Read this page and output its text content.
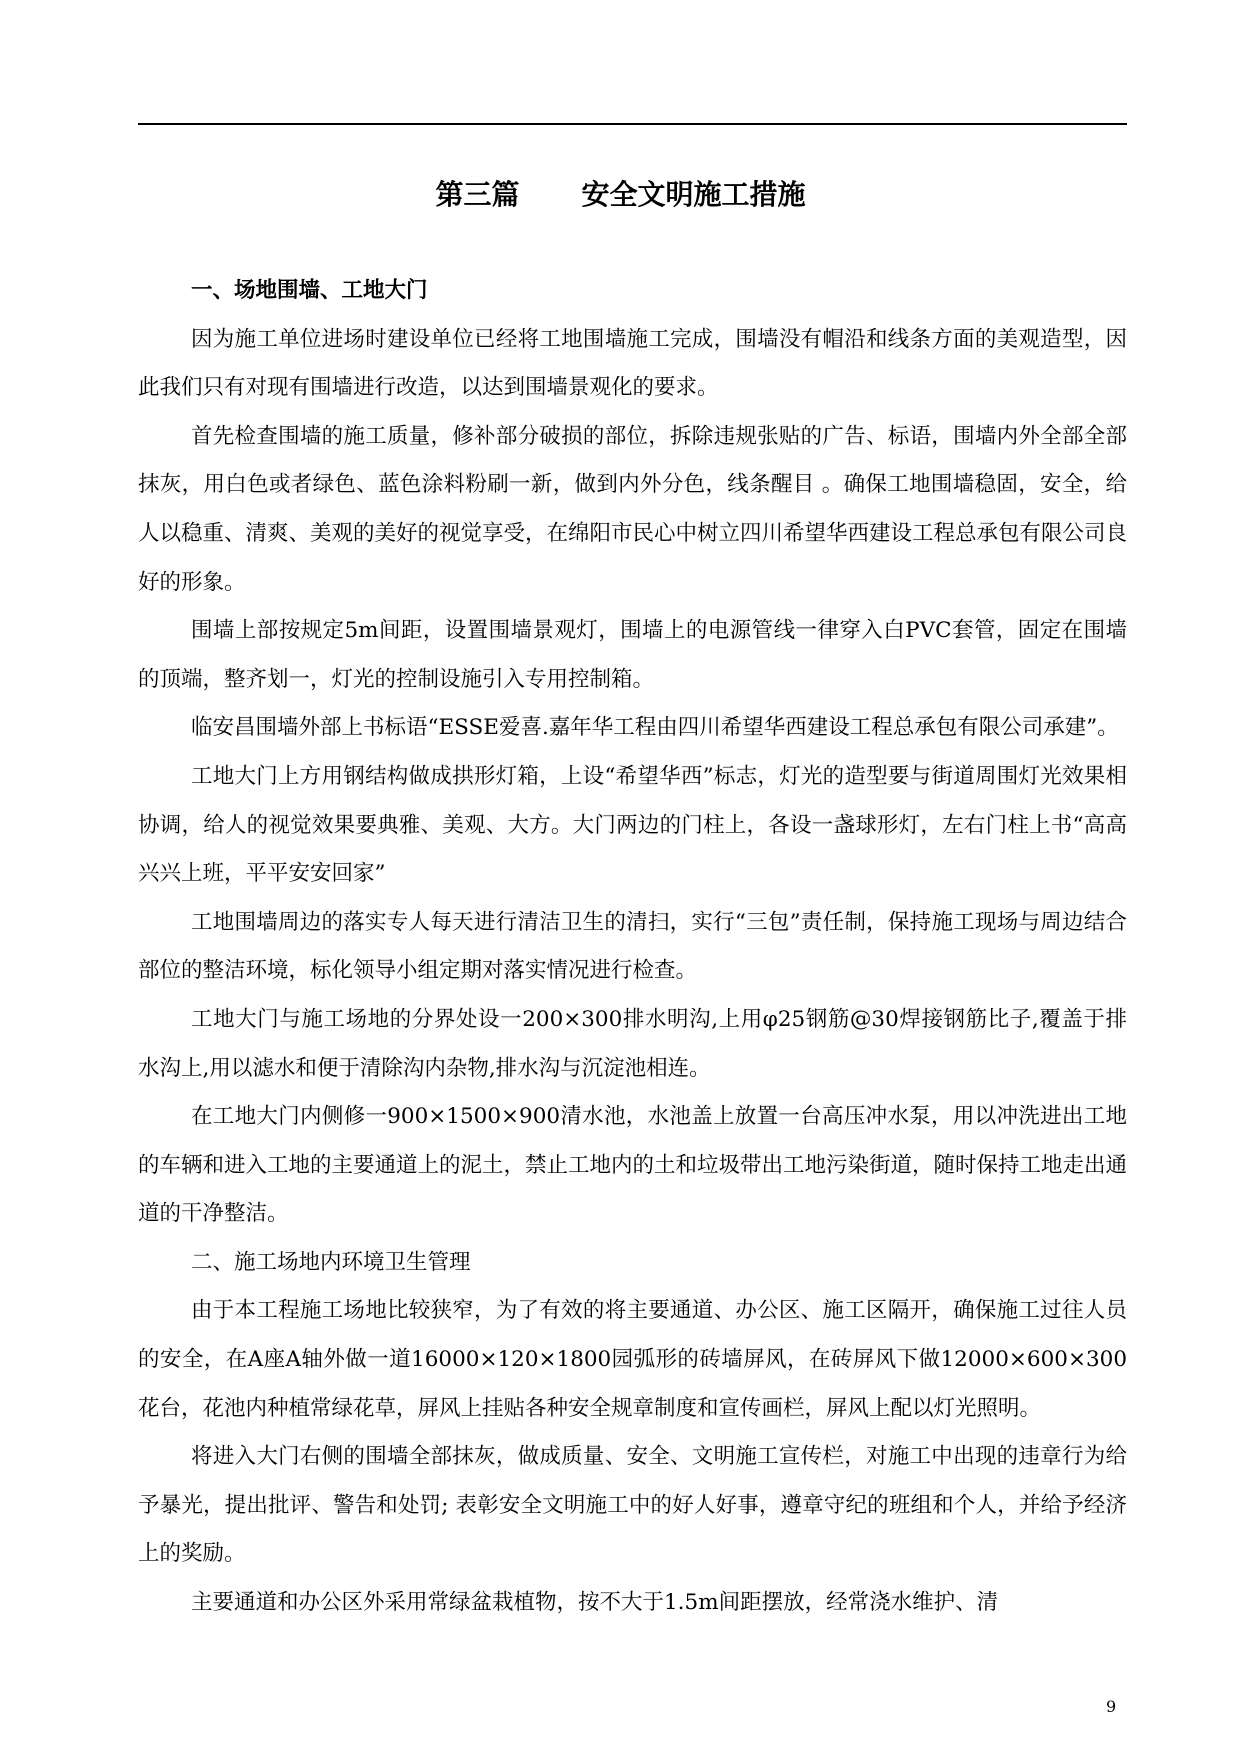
第三篇 安全文明施工措施
一、场地围墙、工地大门

因为施工单位进场时建设单位已经将工地围墙施工完成，围墙没有帽沿和线条方面的美观造型，因此我们只有对现有围墙进行改造，以达到围墙景观化的要求。

首先检查围墙的施工质量，修补部分破损的部位，拆除违规张贴的广告、标语，围墙内外全部全部抹灰，用白色或者绿色、蓝色涂料粉刷一新，做到内外分色，线条醒目 。确保工地围墙稳固，安全，给人以稳重、清爽、美观的美好的视觉享受，在绵阳市民心中树立四川希望华西建设工程总承包有限公司良好的形象。

围墙上部按规定5m间距，设置围墙景观灯，围墙上的电源管线一律穿入白PVC套管，固定在围墙的顶端，整齐划一，灯光的控制设施引入专用控制箱。

临安昌围墙外部上书标语“ESSE爱喜.嘉年华工程由四川希望华西建设工程总承包有限公司承建”。

工地大门上方用钢结构做成拱形灯箱，上设“希望华西”标志，灯光的造型要与街道周围灯光效果相协调，给人的视觉效果要典雅、美观、大方。大门两边的门柱上，各设一盏球形灯，左右门柱上书“高高兴兴上班，平平安安回家”

工地围墙周边的落实专人每天进行清洁卫生的清扫，实行“三包”责任制，保持施工现场与周边结合部位的整洁环境，标化领导小组定期对落实情况进行检查。

工地大门与施工场地的分界处设一200×300排水明沟,上用φ25钢筋@30焊接钢筋比子,覆盖于排水沟上,用以滤水和便于清除沟内杂物,排水沟与沉淀池相连。

在工地大门内侧修一900×1500×900清水池，水池盖上放置一台高压冲水泵，用以冲洗进出工地的车辆和进入工地的主要通道上的泥土，禁止工地内的土和垃圾带出工地污染街道，随时保持工地走出通道的干净整洁。

二、施工场地内环境卫生管理

由于本工程施工场地比较狭窄，为了有效的将主要通道、办公区、施工区隔开，确保施工过往人员的安全，在A座A轴外做一道16000×120×1800园弧形的砖墙屏风，在砖屏风下做12000×600×300花台，花池内种植常绿花草，屏风上挂贴各种安全规章制度和宣传画栏，屏风上配以灯光照明。

将进入大门右侧的围墙全部抹灰，做成质量、安全、文明施工宣传栏，对施工中出现的违章行为给予暴光，提出批评、警告和处罚; 表彰安全文明施工中的好人好事，遵章守纪的班组和个人，并给予经济上的奖励。

主要通道和办公区外采用常绿盆栽植物，按不大于1.5m间距摆放，经常浇水维护、清

9
